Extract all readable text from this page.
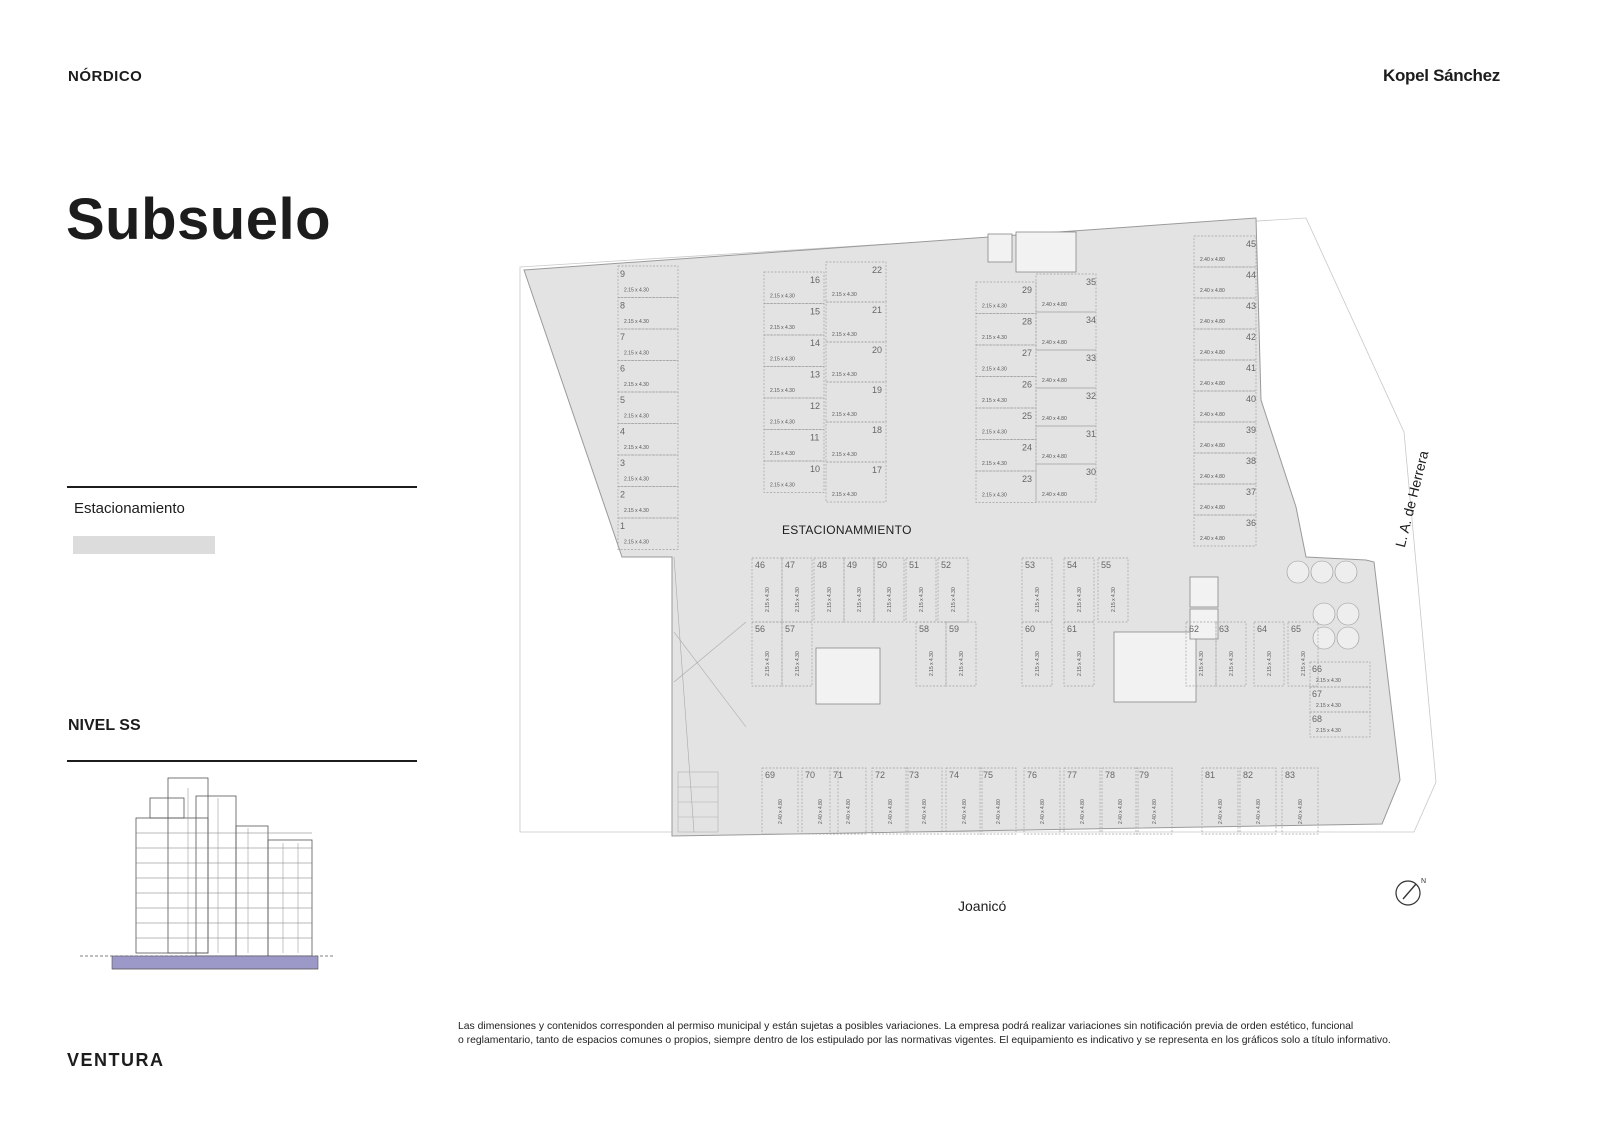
NÓRDICO	Kopel Sánchez
Subsuelo
Estacionamiento
NIVEL SS
9
8
7
6
5
4
3
2
1
16
15
14
13
12
11
10
22
21
20
19
18
17
29
28
27
26
25
24
23
35
34
33
32
31
30
45
44
43
42
41
40
39
38
37
36
46 47 48 49 50 51 52	53	54	55
56 57	58 59	60	61	62 63	64	65
69	70 71	72	73	74	75	76	77	78	79	81	82	83
66
67
68
2.15 x 4.30
2.15 x 4.30
2.15 x 4.30
2.15 x 4.30
2.15 x 4.30
2.15 x 4.30
2.15 x 4.30
2.15 x 4.30
2.15 x 4.30
2.15 x 4.30
2.15 x 4.30
2.15 x 4.30
2.15 x 4.30
2.15 x 4.30
2.15 x 4.30
2.15 x 4.30
2.15 x 4.30
2.15 x 4.30
2.15 x 4.30
2.15 x 4.30
2.15 x 4.30
2.15 x 4.30
2.15 x 4.30
2.15 x 4.30
2.15 x 4.30
2.15 x 4.30
2.15 x 4.30
2.15 x 4.30
2.15 x 4.30
2.40 x 4.80
2.40 x 4.80
2.40 x 4.80
2.40 x 4.80
2.40 x 4.80
2.40 x 4.80
2.40 x 4.80
2.40 x 4.80
2.40 x 4.80
2.40 x 4.80
2.40 x 4.80
2.40 x 4.80
2.40 x 4.80
2.40 x 4.80
2.40 x 4.80
2.40 x 4.80
2.15 x 4.30	2.15 x 4.30	2.15 x 4.30	2.15 x 4.30	2.15 x 4.30	2.15 x 4.30	2.15 x 4.30	2.15 x 4.30	2.15 x 4.30	2.15 x 4.30
2.15 x 4.30	2.15 x 4.30	2.15 x 4.30	2.15 x 4.30	2.15 x 4.30	2.15 x 4.30	2.15 x 4.30	2.15 x 4.30	2.15 x 4.30	2.15 x 4.30
2.40 x 4.80	2.40 x 4.80	2.40 x 4.80	2.40 x 4.80	2.40 x 4.80	2.40 x 4.80	2.40 x 4.80	2.40 x 4.80	2.40 x 4.80	2.40 x 4.80	2.40 x 4.80	2.40 x 4.80	2.40 x 4.80	2.40 x 4.80
2.15 x 4.30
2.15 x 4.30
2.15 x 4.30
N
ESTACIONAMMIENTO
Joanicó
L. A. de Herrera
Las dimensiones y contenidos corresponden al permiso municipal y están sujetas a posibles variaciones. La empresa podrá realizar variaciones sin notificación previa de orden estético, funcional
o reglamentario, tanto de espacios comunes o propios, siempre dentro de los estipulado por las normativas vigentes. El equipamiento es indicativo y se representa en los gráficos solo a título informativo.
VENTURA
